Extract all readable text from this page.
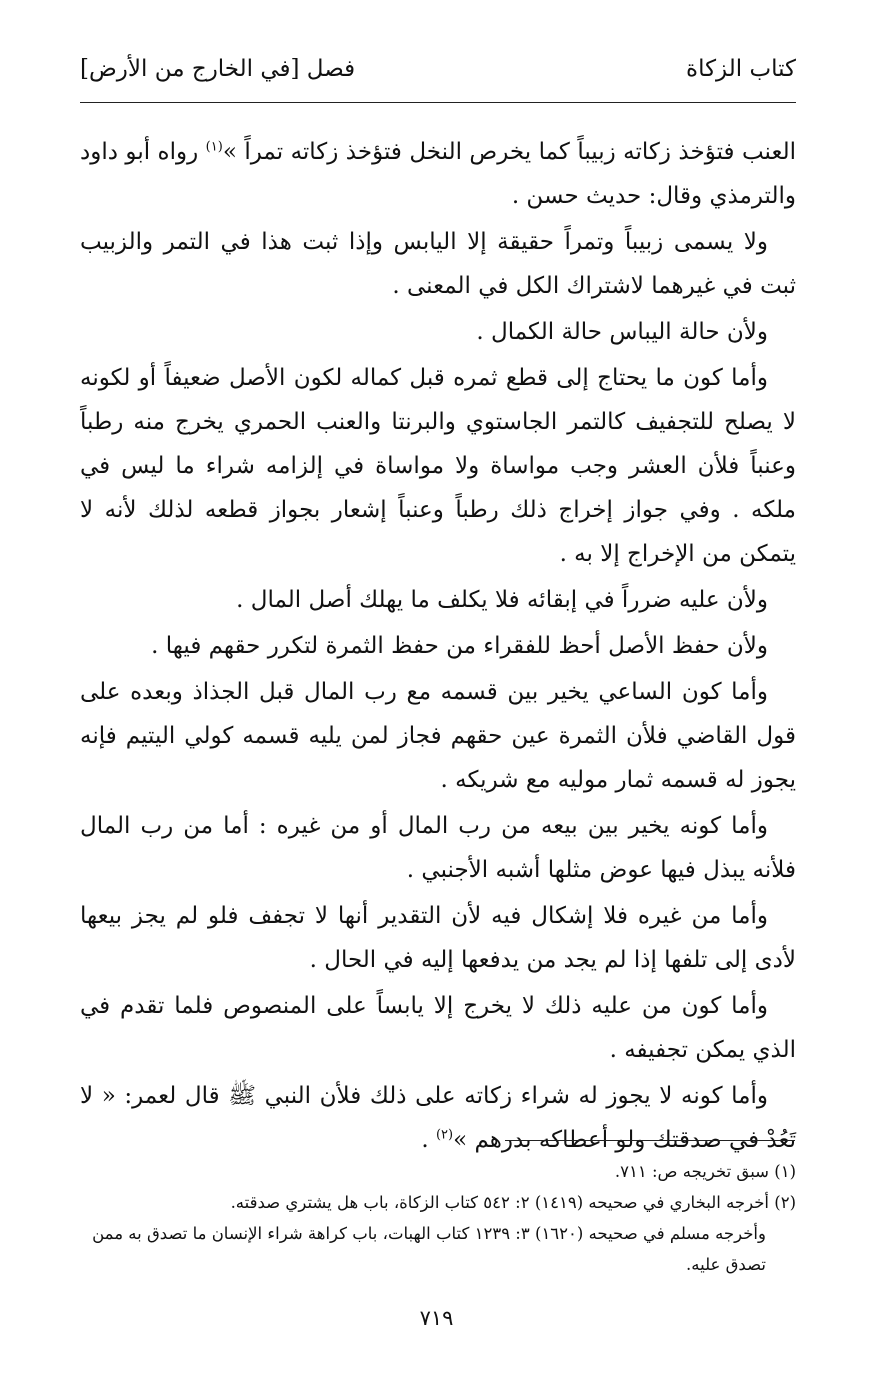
كتاب الزكاة
فصل [في الخارج من الأرض]

العنب فتؤخذ زكاته زبيباً كما يخرص النخل فتؤخذ زكاته تمراً »$^{(١)}$ رواه أبو داود والترمذي وقال: حديث حسن .

ولا يسمى زبيباً وتمراً حقيقة إلا اليابس وإذا ثبت هذا في التمر والزبيب ثبت في غيرهما لاشتراك الكل في المعنى .

ولأن حالة اليباس حالة الكمال .

وأما كون ما يحتاج إلى قطع ثمره قبل كماله لكون الأصل ضعيفاً أو لكونه لا يصلح للتجفيف كالتمر الجاستوي والبرنتا والعنب الحمري يخرج منه رطباً وعنباً فلأن العشر وجب مواساة ولا مواساة في إلزامه شراء ما ليس في ملكه . وفي جواز إخراج ذلك رطباً وعنباً إشعار بجواز قطعه لذلك لأنه لا يتمكن من الإخراج إلا به .

ولأن عليه ضرراً في إبقائه فلا يكلف ما يهلك أصل المال .

ولأن حفظ الأصل أحظ للفقراء من حفظ الثمرة لتكرر حقهم فيها .

وأما كون الساعي يخير بين قسمه مع رب المال قبل الجذاذ وبعده على قول القاضي فلأن الثمرة عين حقهم فجاز لمن يليه قسمه كولي اليتيم فإنه يجوز له قسمه ثمار موليه مع شريكه .

وأما كونه يخير بين بيعه من رب المال أو من غيره : أما من رب المال فلأنه يبذل فيها عوض مثلها أشبه الأجنبي .

وأما من غيره فلا إشكال فيه لأن التقدير أنها لا تجفف فلو لم يجز بيعها لأدى إلى تلفها إذا لم يجد من يدفعها إليه في الحال .

وأما كون من عليه ذلك لا يخرج إلا يابساً على المنصوص فلما تقدم في الذي يمكن تجفيفه .

وأما كونه لا يجوز له شراء زكاته على ذلك فلأن النبي ﷺ قال لعمر: « لا تَعُدْ في صدقتك ولو أعطاكه بدرهم »$^{(٢)}$ .

(١) سبق تخريجه ص: ٧١١.

(٢) أخرجه البخاري في صحيحه (١٤١٩) ٢: ٥٤٢ كتاب الزكاة، باب هل يشتري صدقته.

وأخرجه مسلم في صحيحه (١٦٢٠) ٣: ١٢٣٩ كتاب الهبات، باب كراهة شراء الإنسان ما تصدق به ممن تصدق عليه.

٧١٩
